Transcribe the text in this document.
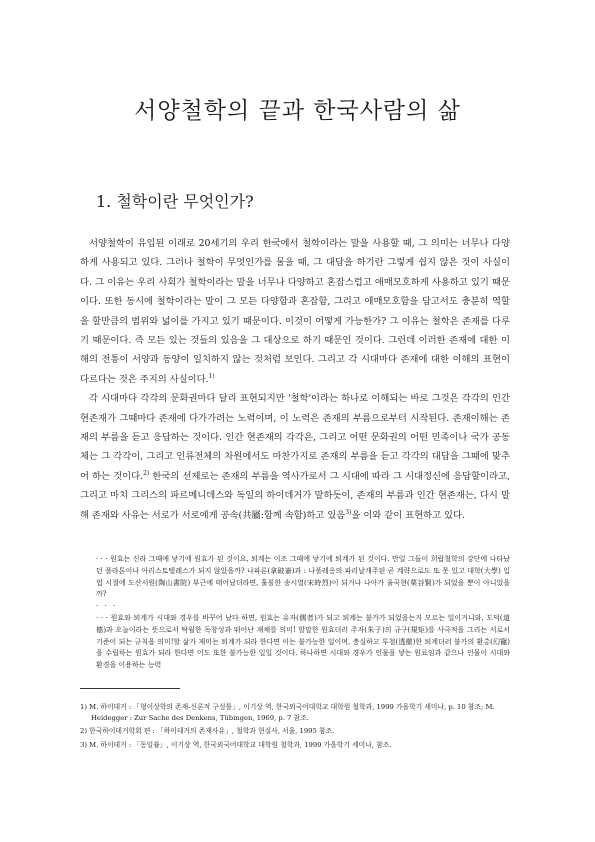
서양철학의 끝과 한국사람의 삶
1. 철학이란 무엇인가?

서양철학이 유입된 이래로 20세기의 우리 한국에서 철학이라는 말을 사용할 때, 그 의미는 너무나 다양하게 사용되고 있다. 그러나 철학이 무엇인가를 물을 때, 그 대답을 하기란 그렇게 쉽지 않은 것이 사실이다. 그 이유는 우리 사회가 철학이라는 말을 너무나 다양하고 혼잡스럽고 애매모호하게 사용하고 있기 때문이다. 또한 동시에 철학이라는 말이 그 모든 다양함과 혼잡함, 그리고 애매모호함을 담고서도 충분히 역할을 할만큼의 범위와 넓이를 가지고 있기 때문이다. 이것이 어떻게 가능한가? 그 이유는 철학은 존재를 다루기 때문이다. 즉 모든 있는 것들의 있음을 그 대상으로 하기 때문인 것이다. 그런데 이러한 존재에 대한 이해의 전통이 서양과 동양이 일치하지 않는 것처럼 보인다. 그리고 각 시대마다 존재에 대한 이해의 표현이 다르다는 것은 주지의 사실이다.$^{1)}$

각 시대마다 각각의 문화권마다 달리 표현되지만 '철학'이라는 하나로 이해되는 바로 그것은 각각의 인간 현존재가 그때마다 존재에 다가가려는 노력이며, 이 노력은 존재의 부름으로부터 시작된다. 존재이해는 존재의 부름을 듣고 응답하는 것이다. 인간 현존재의 각각은, 그리고 어떤 문화권의 어떤 민족이나 국가 공동체는 그 각각이, 그리고 인류전체의 차원에서도 마찬가지로 존재의 부름을 듣고 각각의 대답을 그때에 맞추어 하는 것이다.$^{2)}$ 한국의 선제로는 존재의 부름을 역사가로서 그 시대에 따라 그 시대정신에 응답할이라고, 그리고 마치 그리스의 파르메니데스와 독일의 하이데거가 말하듯이, 존재의 부름과 인간 현존재는, 다시 말해 존재와 사유는 서로가 서로에게 공속(共屬:함께 속함)하고 있음$^{3)}$을 이와 같이 표현하고 있다.

· · · 원효는 신라 그때에 낳기에 원효가 된 것이요, 퇴계는 이조 그때에 낳기에 퇴계가 된 것이다. 만일 그들이 희랍철학의 강단에 나타났던 플라톤이나 아리스토텔레스가 되지 않았을까? 나파론(拿破崙)과 : 나폴레옹의 파리날개주된 곧 계략으로도 또 못 있고 대학(大學) 입법 시절에 도산서원(陶山書院) 부근에 태어났더라면, 훌륭한 송시열(宋時烈)이 되거나 나아가 율곡현(栗谷賢)가 되었을 뿐이 아니었을까?

· · ·

· · · 원효와 퇴계가 시대와 경우를 바꾸어 났다 하면, 원효는 유자(儒者)가 되고 퇴계는 불가가 되었을는지 모르는 일이거니와, 도덕(道德)과 오늘이라는 뜻으로서 탁월한 독창성과 뛰어난 재체를 의미! 할말한 원효더러 주자(朱子)의 규구(規矩)를 사극적을 그리는 서로서 기준이 되는 규칙을 의미!할 삶가 재미는 퇴계가 되라 한다면 이는 불가능한 일이며, 충실하고 투철(透徹)한 퇴계더러 불가의 환총(幻寵)을 수립하는 원효가 되라 한다면 이도 또한 불가능한 일일 것이다. 하나하면 시대와 경우가 인물을 낳는 원료임과 같으나 인물이 시대와 환경을 이용하는 능력

1) M. 하이데거 : 「형이상학의 존재-신론적 구성틀」, 이기상 역, 한국외국어대학교 대학원 철학과, 1999 가을학기 세미나, p. 10 참조; M. Heidegger : Zur Sache des Denkens, Tübingen, 1969, p. 7 참조.

2) 한국하이데거학회 편 : 「하이데거의 존재사유」, 철학과 현실사, 서울, 1995 참조.

3) M. 하이데거 : 「동일률」, 이기상 역, 한국외국어대학교 대학원 철학과, 1999 가을학기 세미나, 참조.
